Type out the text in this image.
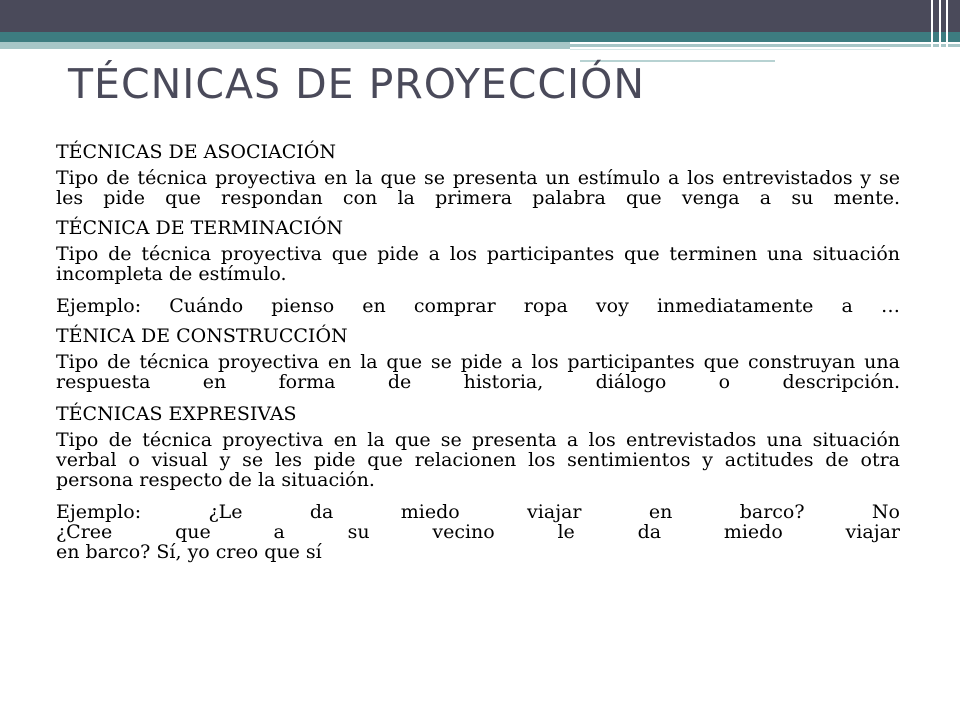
TÉCNICAS DE PROYECCIÓN

TÉCNICAS DE ASOCIACIÓN

Tipo de técnica proyectiva en la que se presenta un estímulo a los entrevistados y se les pide que respondan con la primera palabra que venga a su mente.

TÉCNICA DE TERMINACIÓN

Tipo de técnica proyectiva que pide a los participantes que terminen una situación incompleta de estímulo.

Ejemplo: Cuándo pienso en comprar ropa voy inmediatamente a …

TÉNICA DE CONSTRUCCIÓN

Tipo de técnica proyectiva en la que se pide a los participantes que construyan una respuesta en forma de historia, diálogo o descripción.

TÉCNICAS EXPRESIVAS

Tipo de técnica proyectiva en la que se presenta a los entrevistados una situación verbal o visual y se les pide que relacionen los sentimientos y actitudes de otra persona respecto de la situación.

Ejemplo: ¿Le da miedo viajar en barco? No

¿Cree que a su vecino le da miedo viajar

en barco? Sí, yo creo que sí
